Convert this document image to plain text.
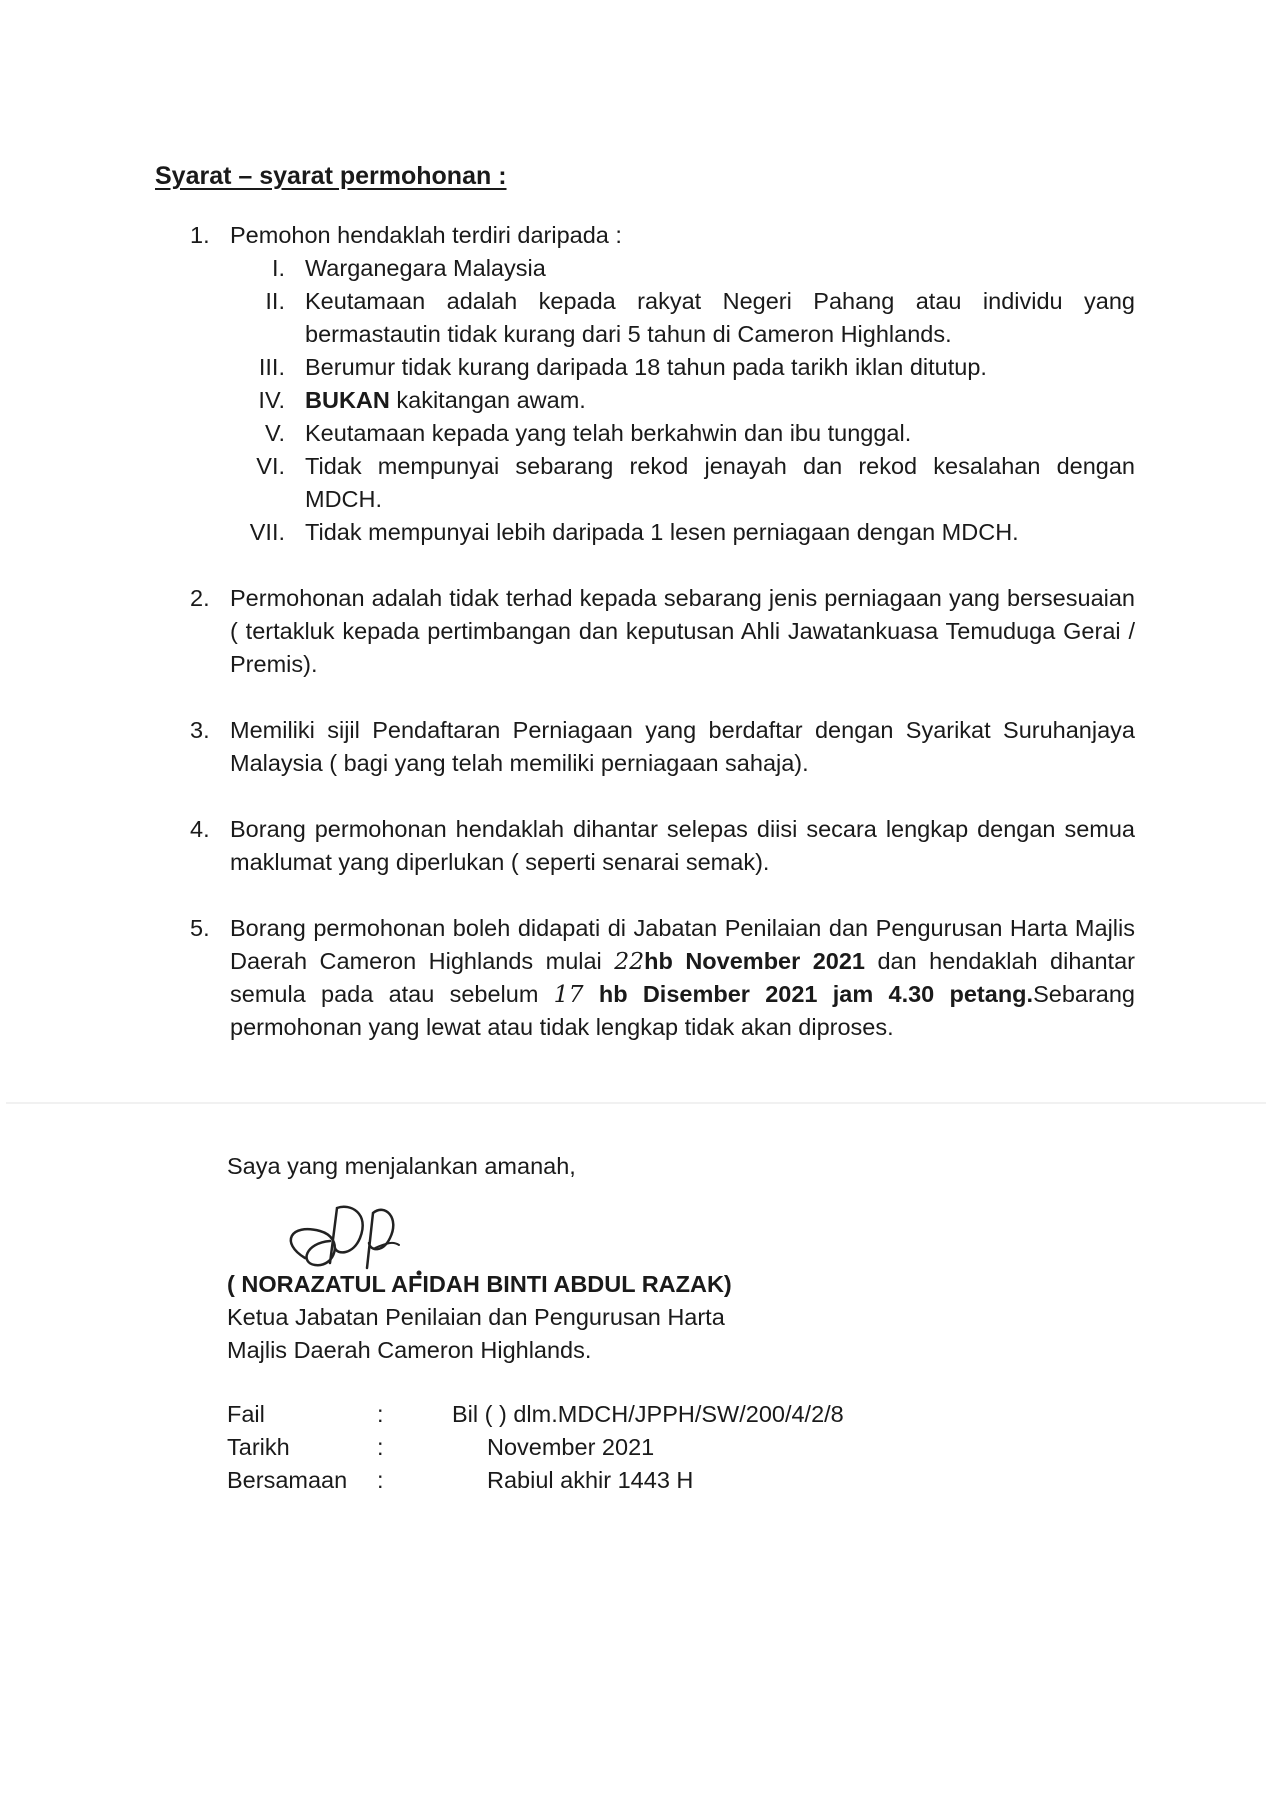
Syarat – syarat permohonan :
1. Pemohon hendaklah terdiri daripada :
I. Warganegara Malaysia
II. Keutamaan adalah kepada rakyat Negeri Pahang atau individu yang bermastautin tidak kurang dari 5 tahun di Cameron Highlands.
III. Berumur tidak kurang daripada 18 tahun pada tarikh iklan ditutup.
IV. BUKAN kakitangan awam.
V. Keutamaan kepada yang telah berkahwin dan ibu tunggal.
VI. Tidak mempunyai sebarang rekod jenayah dan rekod kesalahan dengan MDCH.
VII. Tidak mempunyai lebih daripada 1 lesen perniagaan dengan MDCH.
2. Permohonan adalah tidak terhad kepada sebarang jenis perniagaan yang bersesuaian ( tertakluk kepada pertimbangan dan keputusan Ahli Jawatankuasa Temuduga Gerai / Premis).
3. Memiliki sijil Pendaftaran Perniagaan yang berdaftar dengan Syarikat Suruhanjaya Malaysia ( bagi yang telah memiliki perniagaan sahaja).
4. Borang permohonan hendaklah dihantar selepas diisi secara lengkap dengan semua maklumat yang diperlukan ( seperti senarai semak).
5. Borang permohonan boleh didapati di Jabatan Penilaian dan Pengurusan Harta Majlis Daerah Cameron Highlands mulai 22hb November 2021 dan hendaklah dihantar semula pada atau sebelum 17 hb Disember 2021 jam 4.30 petang.Sebarang permohonan yang lewat atau tidak lengkap tidak akan diproses.

Saya yang menjalankan amanah,

( NORAZATUL AFIDAH BINTI ABDUL RAZAK)

Ketua Jabatan Penilaian dan Pengurusan Harta

Majlis Daerah Cameron Highlands.

Fail	:	Bil ( ) dlm.MDCH/JPPH/SW/200/4/2/8
Tarikh	:	November 2021
Bersamaan :	Rabiul akhir 1443 H
